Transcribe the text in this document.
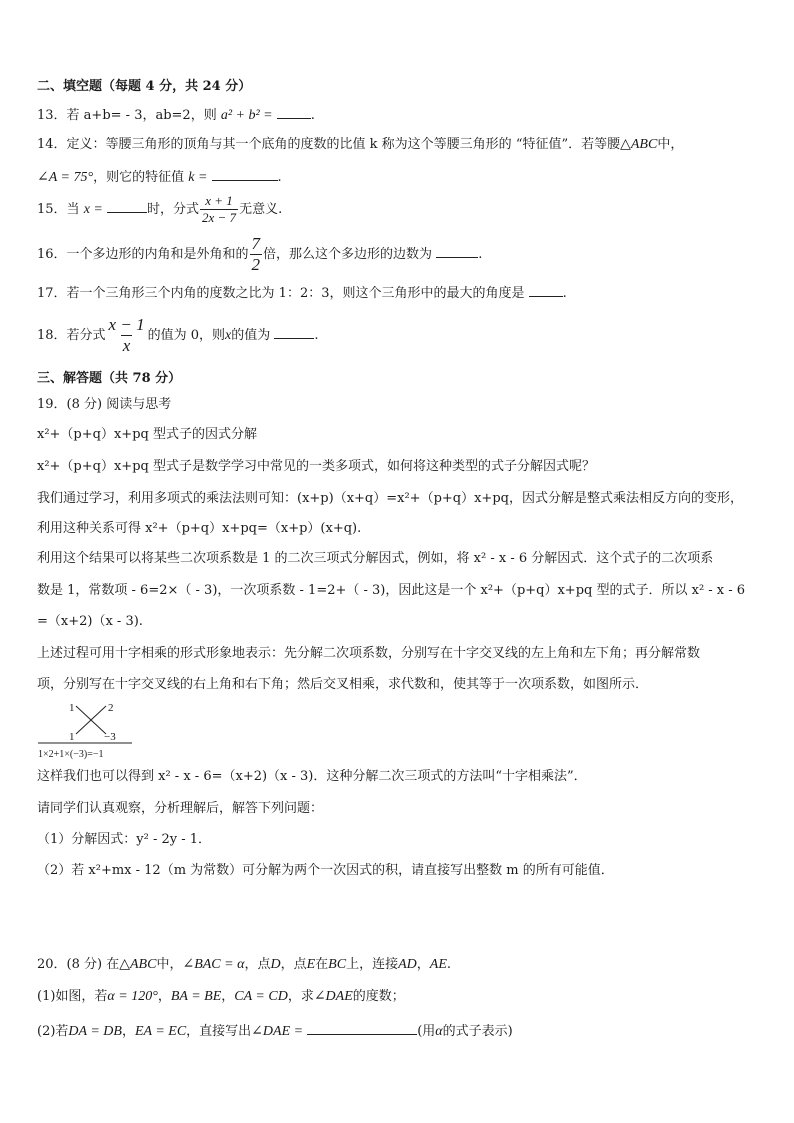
二、填空题（每题 4 分，共 24 分）
13．若 a+b= - 3，ab=2，则 a² + b² =	.
14．定义：等腰三角形的顶角与其一个底角的度数的比值 k 称为这个等腰三角形的 “特征值”．若等腰△ABC中，
∠A = 75°，则它的特征值 k =	.
15．当 x =	时，分式 $\frac{x + 1}{2x - 7}$ 无意义.
16．一个多边形的内角和是外角和的 $\frac{7}{2}$ 倍，那么这个多边形的边数为	.
17．若一个三角形三个内角的度数之比为 1：2：3，则这个三角形中的最大的角度是	.
18．若分式 $\frac{x - 1}{x}$ 的值为 0，则x的值为	.
三、解答题（共 78 分）
19．(8 分) 阅读与思考
x²+（p+q）x+pq 型式子的因式分解
x²+（p+q）x+pq 型式子是数学学习中常见的一类多项式，如何将这种类型的式子分解因式呢？
我们通过学习，利用多项式的乘法法则可知：(x+p)（x+q）=x²+（p+q）x+pq，因式分解是整式乘法相反方向的变形，
利用这种关系可得 x²+（p+q）x+pq=（x+p）(x+q).
利用这个结果可以将某些二次项系数是 1 的二次三项式分解因式，例如，将 x² - x - 6 分解因式．这个式子的二次项系
数是 1，常数项 - 6=2×（ - 3)，一次项系数 - 1=2+（ - 3)，因此这是一个 x²+（p+q）x+pq 型的式子．所以 x² - x - 6
=（x+2)（x - 3).
上述过程可用十字相乘的形式形象地表示：先分解二次项系数，分别写在十字交叉线的左上角和左下角；再分解常数
项，分别写在十字交叉线的右上角和右下角；然后交叉相乘，求代数和，使其等于一次项系数，如图所示．
1	2
1	−3
1×2+1×(−3)=−1
这样我们也可以得到 x² - x - 6=（x+2)（x - 3)．这种分解二次三项式的方法叫“十字相乘法”．
请同学们认真观察，分析理解后，解答下列问题：
（1）分解因式：y² - 2y - 1．
（2）若 x²+mx - 12（m 为常数）可分解为两个一次因式的积，请直接写出整数 m 的所有可能值．
20．(8 分) 在△ABC中，∠BAC = α，点D，点E在BC上，连接AD，AE.
(1)如图，若α = 120°，BA = BE，CA = CD，求∠DAE的度数；
(2)若DA = DB，EA = EC，直接写出∠DAE =	(用α的式子表示)
